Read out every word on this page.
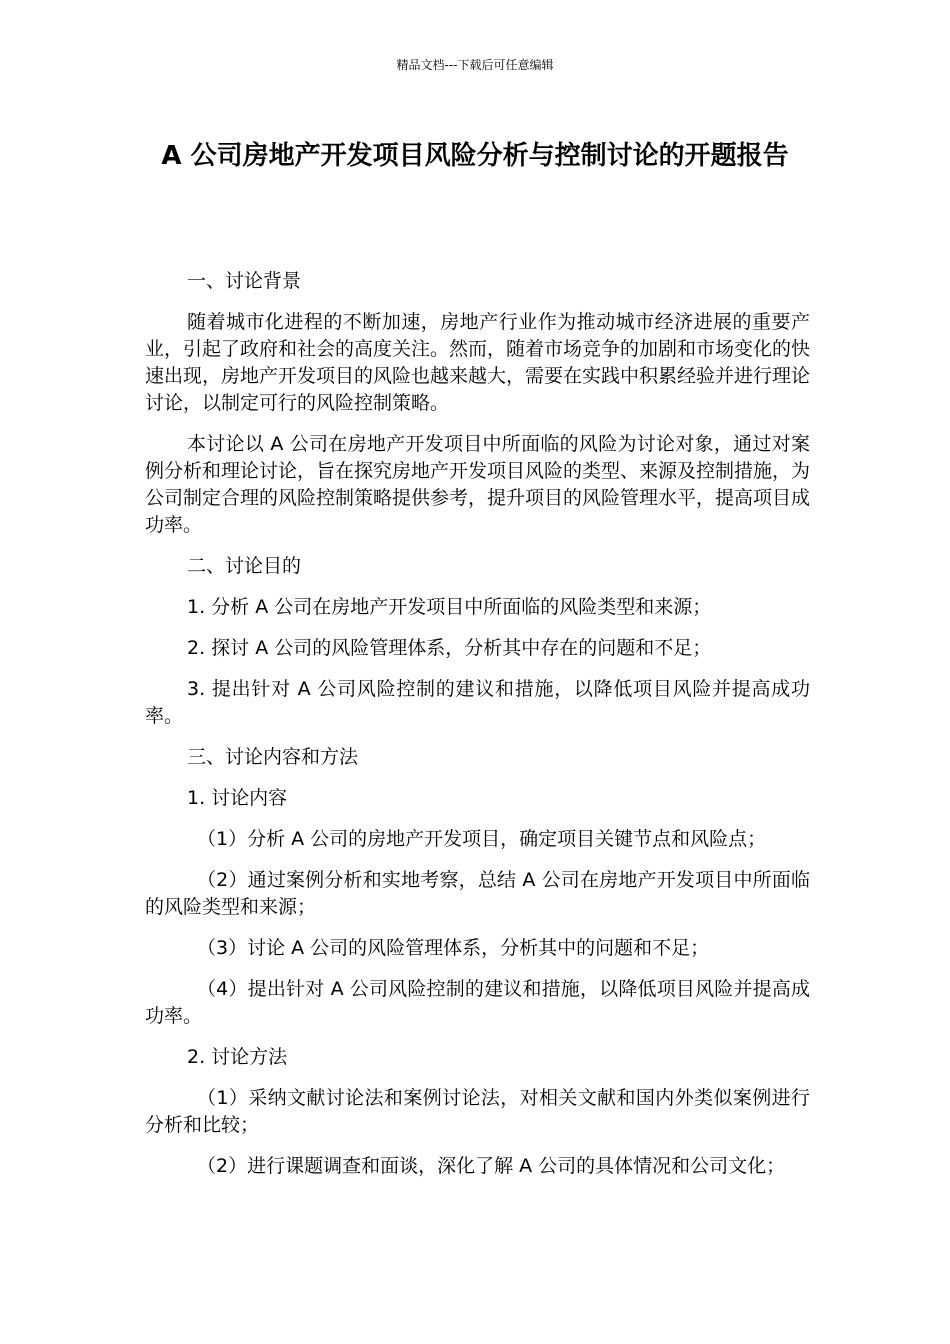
精品文档---下载后可任意编辑
A 公司房地产开发项目风险分析与控制讨论的开题报告

一、讨论背景

随着城市化进程的不断加速，房地产行业作为推动城市经济进展的重要产业，引起了政府和社会的高度关注。然而，随着市场竞争的加剧和市场变化的快速出现，房地产开发项目的风险也越来越大，需要在实践中积累经验并进行理论讨论，以制定可行的风险控制策略。

本讨论以 A 公司在房地产开发项目中所面临的风险为讨论对象，通过对案例分析和理论讨论，旨在探究房地产开发项目风险的类型、来源及控制措施，为公司制定合理的风险控制策略提供参考，提升项目的风险管理水平，提高项目成功率。

二、讨论目的

1. 分析 A 公司在房地产开发项目中所面临的风险类型和来源；

2. 探讨 A 公司的风险管理体系，分析其中存在的问题和不足；

3. 提出针对 A 公司风险控制的建议和措施，以降低项目风险并提高成功率。

三、讨论内容和方法

1. 讨论内容

（1）分析 A 公司的房地产开发项目，确定项目关键节点和风险点；

（2）通过案例分析和实地考察，总结 A 公司在房地产开发项目中所面临的风险类型和来源；

（3）讨论 A 公司的风险管理体系，分析其中的问题和不足；

（4）提出针对 A 公司风险控制的建议和措施，以降低项目风险并提高成功率。

2. 讨论方法

（1）采纳文献讨论法和案例讨论法，对相关文献和国内外类似案例进行分析和比较；

（2）进行课题调查和面谈，深化了解 A 公司的具体情况和公司文化；
